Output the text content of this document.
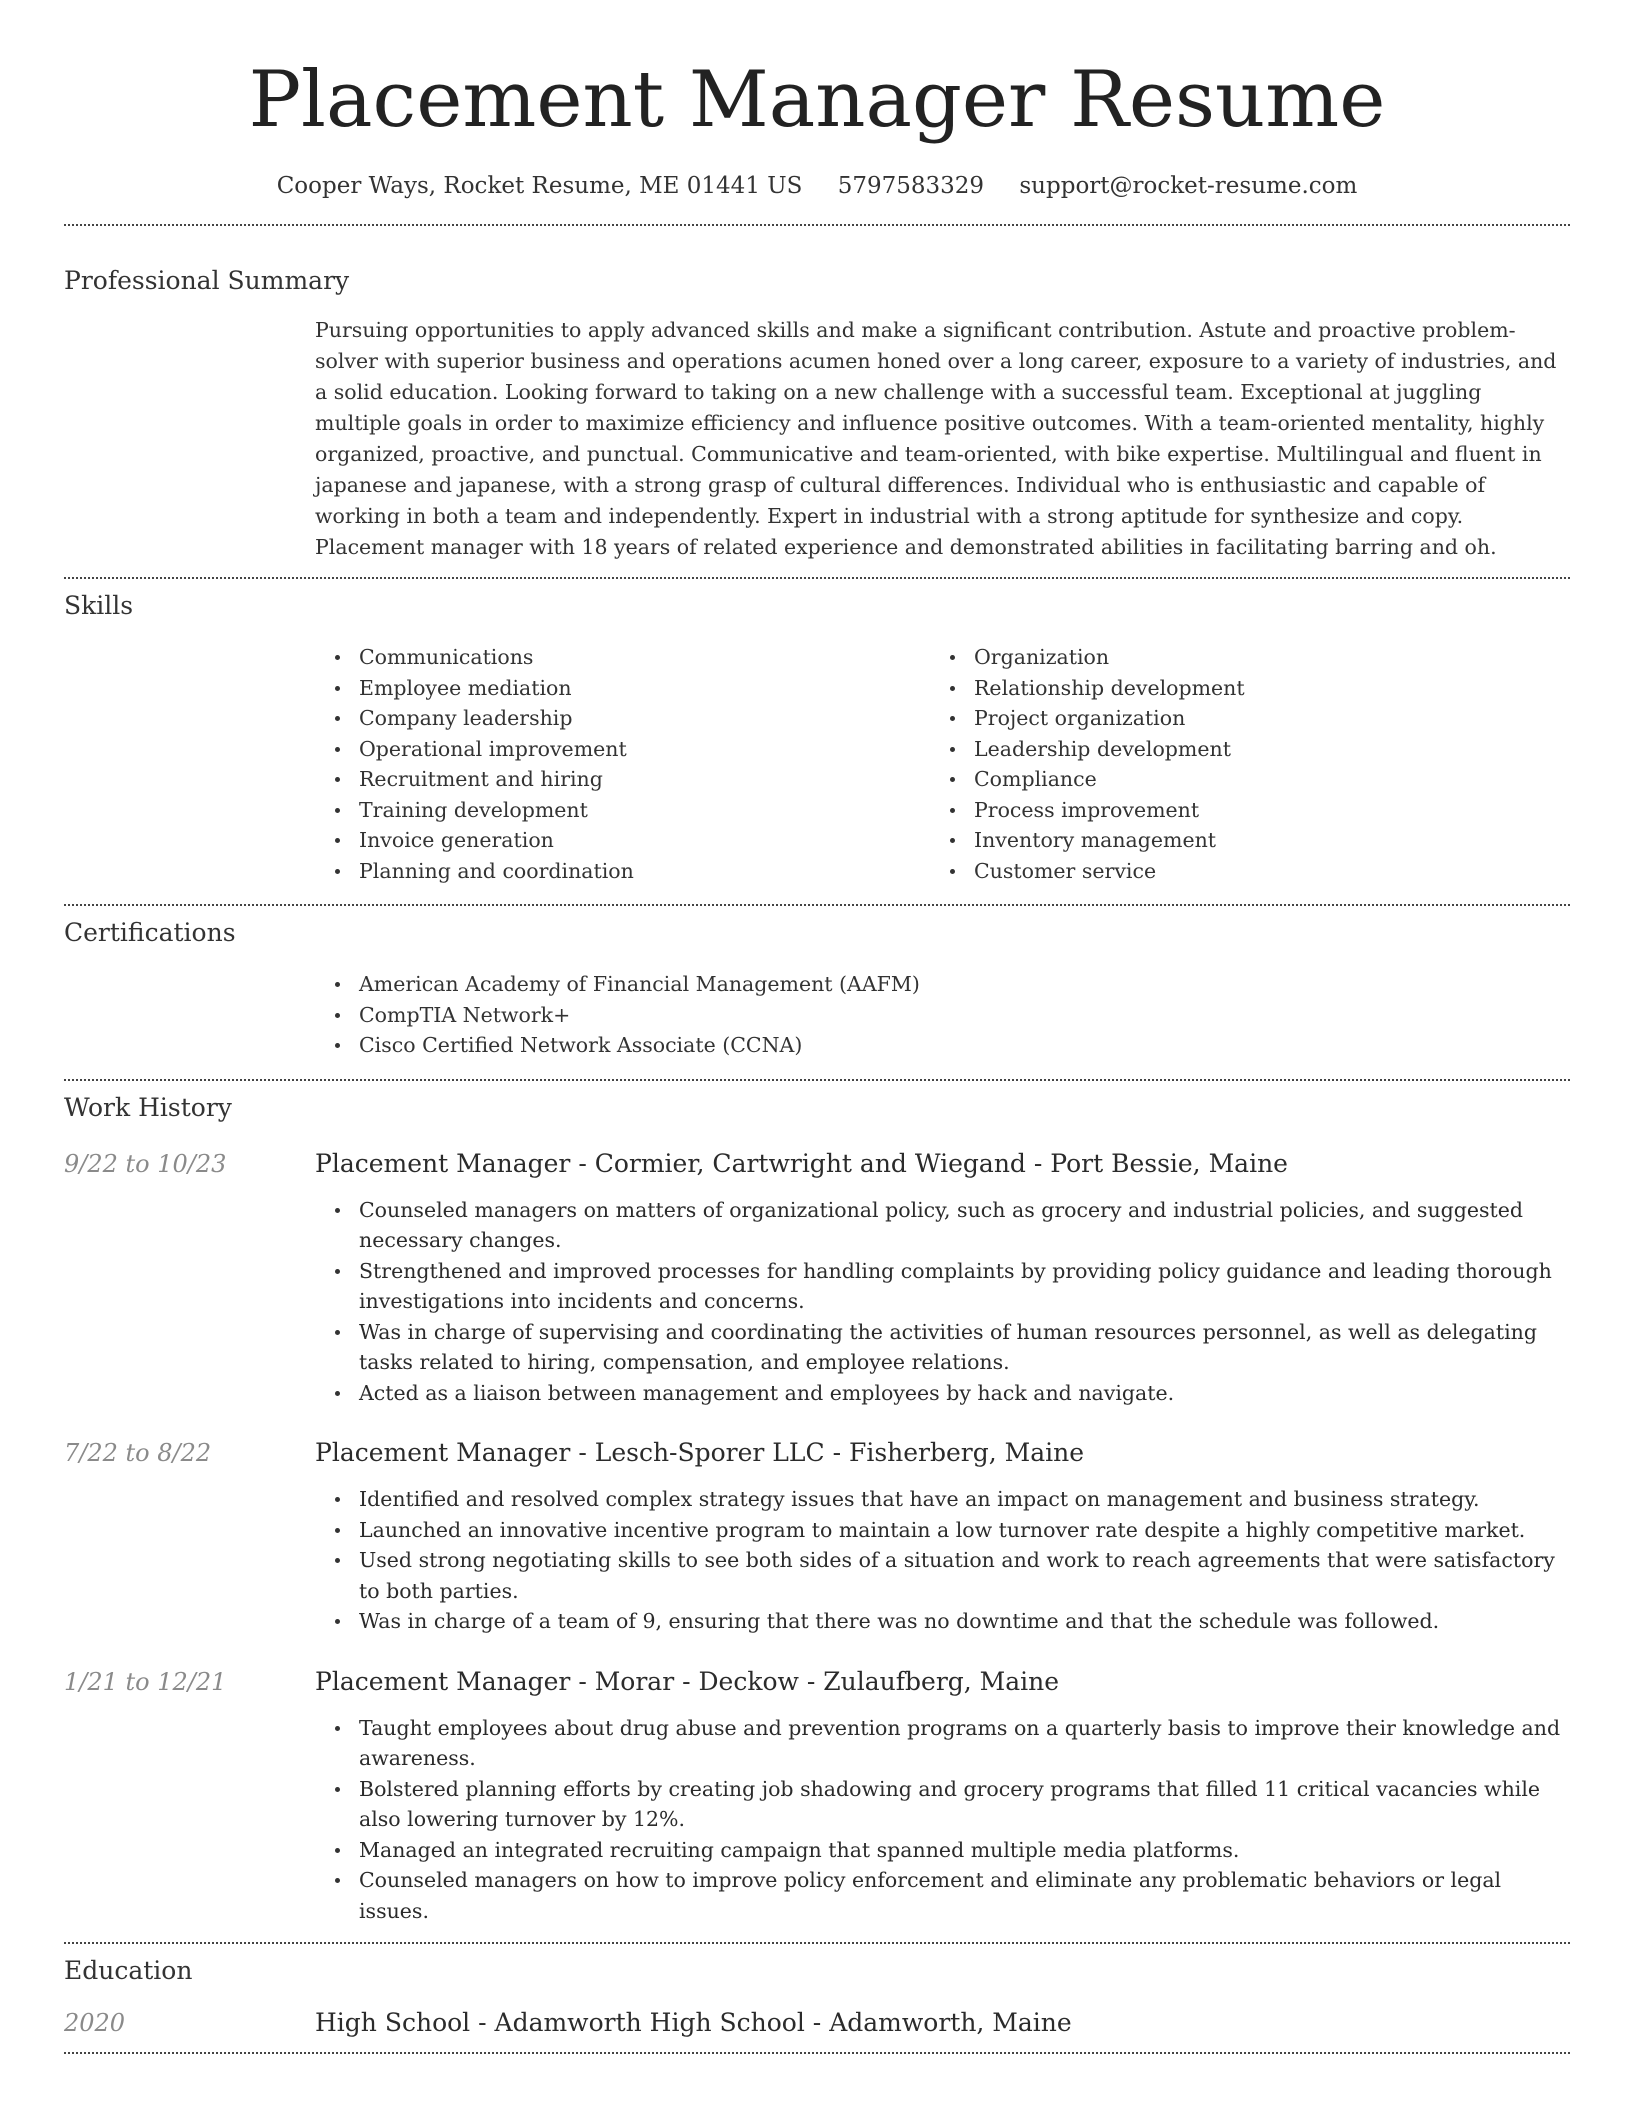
Placement Manager Resume
Cooper Ways, Rocket Resume, ME 01441 US 5797583329 support@rocket-resume.com
Professional Summary

Pursuing opportunities to apply advanced skills and make a significant contribution. Astute and proactive problem-solver with superior business and operations acumen honed over a long career, exposure to a variety of industries, and a solid education. Looking forward to taking on a new challenge with a successful team. Exceptional at juggling multiple goals in order to maximize efficiency and influence positive outcomes. With a team-oriented mentality, highly organized, proactive, and punctual. Communicative and team-oriented, with bike expertise. Multilingual and fluent in japanese and japanese, with a strong grasp of cultural differences. Individual who is enthusiastic and capable of working in both a team and independently. Expert in industrial with a strong aptitude for synthesize and copy. Placement manager with 18 years of related experience and demonstrated abilities in facilitating barring and oh.

Skills
Communications
Employee mediation
Company leadership
Operational improvement
Recruitment and hiring
Training development
Invoice generation
Planning and coordination
Organization
Relationship development
Project organization
Leadership development
Compliance
Process improvement
Inventory management
Customer service
Certifications
American Academy of Financial Management (AAFM)
CompTIA Network+
Cisco Certified Network Associate (CCNA)
Work History
9/22 to 10/23	Placement Manager - Cormier, Cartwright and Wiegand - Port Bessie, Maine
Counseled managers on matters of organizational policy, such as grocery and industrial policies, and suggested necessary changes.
Strengthened and improved processes for handling complaints by providing policy guidance and leading thorough investigations into incidents and concerns.
Was in charge of supervising and coordinating the activities of human resources personnel, as well as delegating tasks related to hiring, compensation, and employee relations.
Acted as a liaison between management and employees by hack and navigate.
7/22 to 8/22	Placement Manager - Lesch-Sporer LLC - Fisherberg, Maine
Identified and resolved complex strategy issues that have an impact on management and business strategy.
Launched an innovative incentive program to maintain a low turnover rate despite a highly competitive market.
Used strong negotiating skills to see both sides of a situation and work to reach agreements that were satisfactory to both parties.
Was in charge of a team of 9, ensuring that there was no downtime and that the schedule was followed.
1/21 to 12/21	Placement Manager - Morar - Deckow - Zulaufberg, Maine
Taught employees about drug abuse and prevention programs on a quarterly basis to improve their knowledge and awareness.
Bolstered planning efforts by creating job shadowing and grocery programs that filled 11 critical vacancies while also lowering turnover by 12%.
Managed an integrated recruiting campaign that spanned multiple media platforms.
Counseled managers on how to improve policy enforcement and eliminate any problematic behaviors or legal issues.
Education
2020	High School - Adamworth High School - Adamworth, Maine
